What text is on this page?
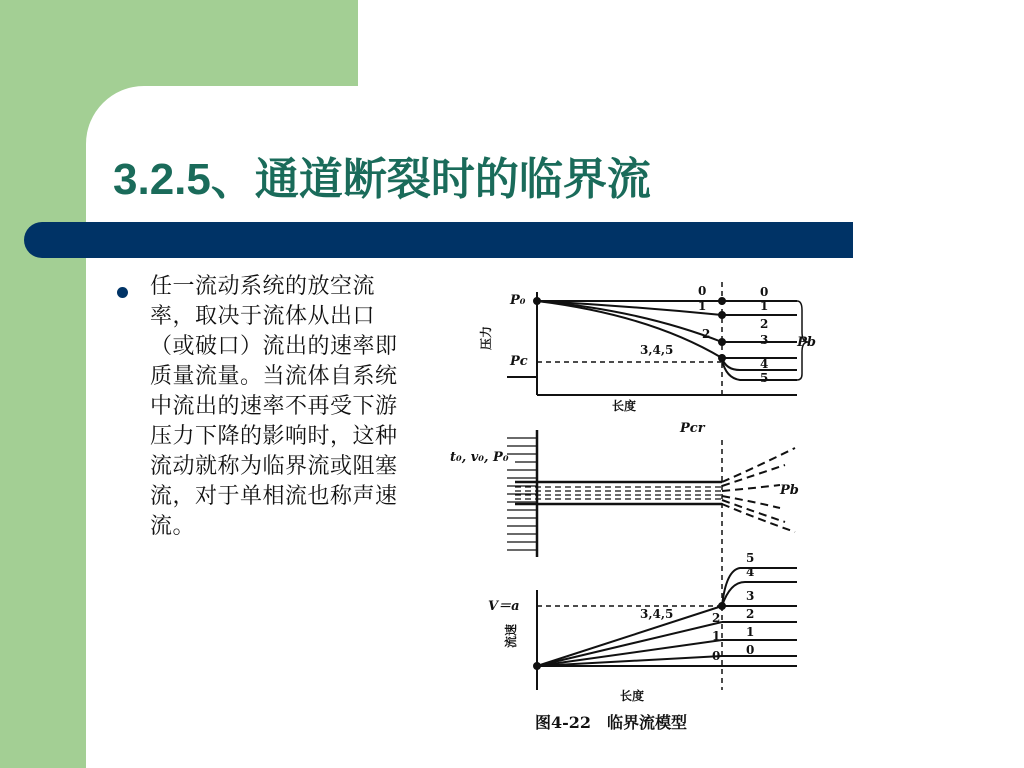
3.2.5、通道断裂时的临界流
任一流动系统的放空流率，取决于流体从出口（或破口）流出的速率即质量流量。当流体自系统中流出的速率不再受下游压力下降的影响时，这种流动就称为临界流或阻塞流，对于单相流也称声速流。
P₀
Pc
Pb
压力
长度
3,4,5
0
1
2
0
1
2
3
4
5
Pcr
t₀, v₀, P₀
Pb
V＝a
流速
长度
3,4,5	2
1
0
5
4
3
2
1
0
图4-22　临界流模型
